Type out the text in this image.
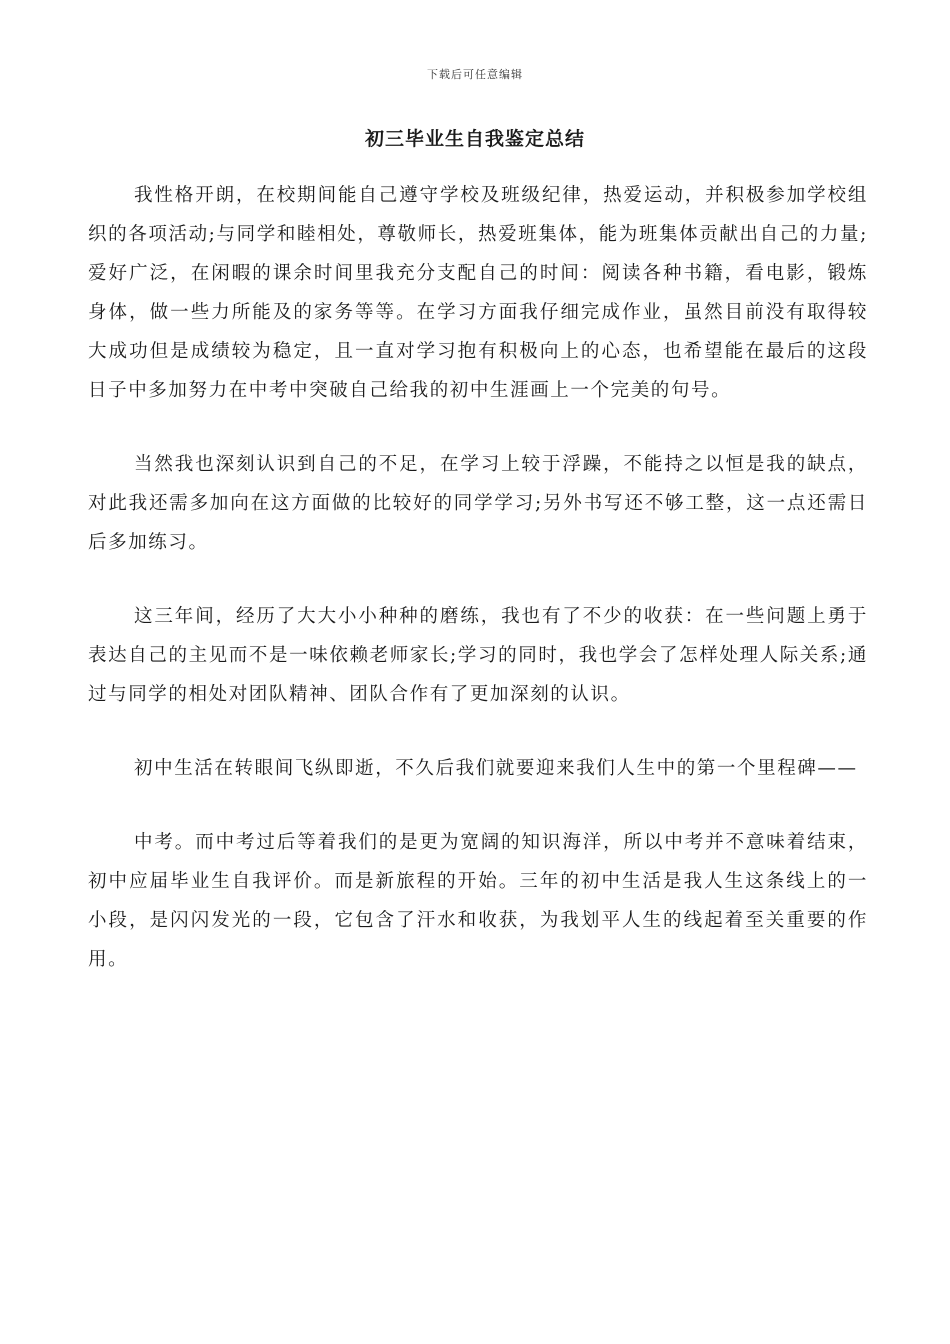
下载后可任意编辑
初三毕业生自我鉴定总结

我性格开朗，在校期间能自己遵守学校及班级纪律，热爱运动，并积极参加学校组织的各项活动;与同学和睦相处，尊敬师长，热爱班集体，能为班集体贡献出自己的力量;爱好广泛，在闲暇的课余时间里我充分支配自己的时间：阅读各种书籍，看电影，锻炼身体，做一些力所能及的家务等等。在学习方面我仔细完成作业，虽然目前没有取得较大成功但是成绩较为稳定，且一直对学习抱有积极向上的心态，也希望能在最后的这段日子中多加努力在中考中突破自己给我的初中生涯画上一个完美的句号。

当然我也深刻认识到自己的不足，在学习上较于浮躁，不能持之以恒是我的缺点，对此我还需多加向在这方面做的比较好的同学学习;另外书写还不够工整，这一点还需日后多加练习。

这三年间，经历了大大小小种种的磨练，我也有了不少的收获：在一些问题上勇于表达自己的主见而不是一味依赖老师家长;学习的同时，我也学会了怎样处理人际关系;通过与同学的相处对团队精神、团队合作有了更加深刻的认识。

初中生活在转眼间飞纵即逝，不久后我们就要迎来我们人生中的第一个里程碑——

中考。而中考过后等着我们的是更为宽阔的知识海洋，所以中考并不意味着结束，初中应届毕业生自我评价。而是新旅程的开始。三年的初中生活是我人生这条线上的一小段，是闪闪发光的一段，它包含了汗水和收获，为我划平人生的线起着至关重要的作用。
